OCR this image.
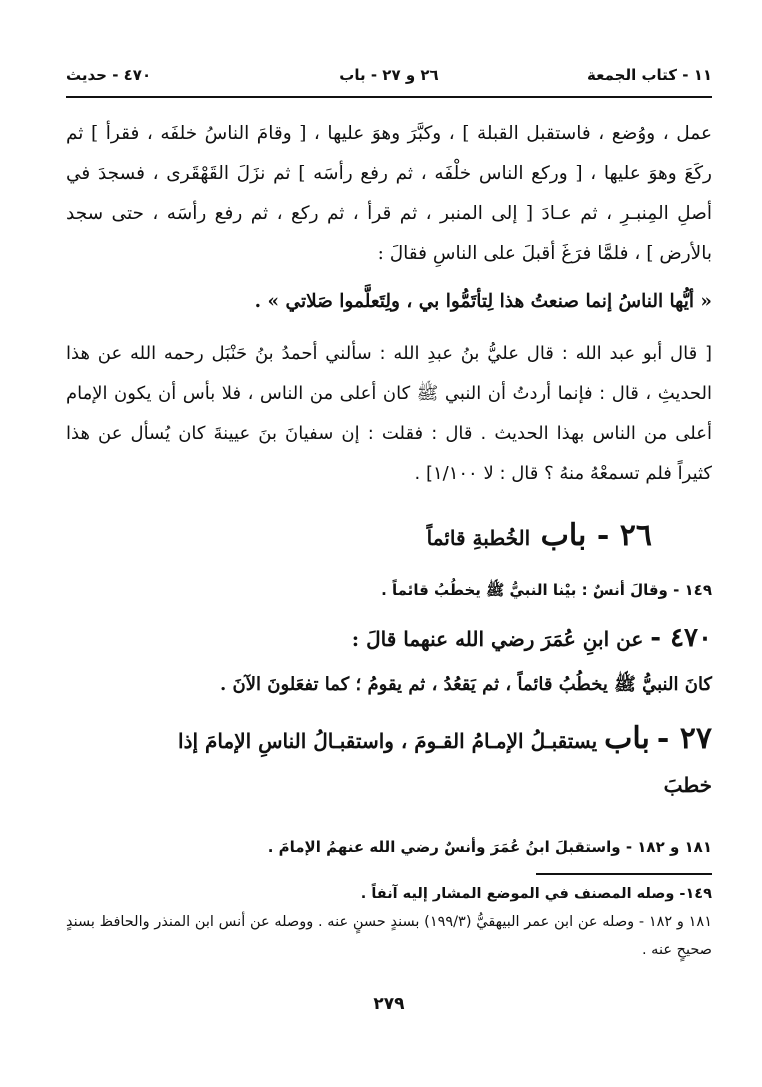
١١ - كتاب الجمعة
٢٦ و ٢٧ - باب
٤٧٠ - حديث

عمل ، ووُضع ، فاستقبل القبلة ] ، وكبَّرَ وهوَ عليها ، [ وقامَ الناسُ خلفَه ، فقرأ ] ثم ركَعَ وهوَ عليها ، [ وركع الناس خلْفَه ، ثم رفع رأسَه ] ثم نزَلَ القَهْقَرى ، فسجدَ في أصلِ المِنبـرِ ، ثم عـادَ [ إلى المنبر ، ثم قرأ ، ثم ركع ، ثم رفع رأسَه ، حتى سجد بالأرض ] ، فلمَّا فرَغَ أقبلَ على الناسِ فقالَ :

« أيُّها الناسُ إنما صنعتُ هذا لِتأتَمُّوا بي ، ولِتَعلَّموا صَلاتي » .

[ قال أبو عبد الله : قال عليُّ بنُ عبدِ الله : سألني أحمدُ بنُ حَنْبَل رحمه الله عن هذا الحديثِ ، قال : فإنما أردتُ أن النبي ﷺ كان أعلى من الناس ، فلا بأس أن يكون الإمام أعلى من الناس بهذا الحديث . قال : فقلت : إن سفيانَ بنَ عيينةَ كان يُسأل عن هذا كثيراً فلم تسمعْهُ منهُ ؟ قال : لا ١/١٠٠] .

٢٦ - باب الخُطبةِ قائماً

١٤٩ - وقالَ أنسٌ : بيْنا النبيُّ ﷺ يخطُبُ قائماً .

٤٧٠ - عن ابنِ عُمَرَ رضي الله عنهما قالَ :

كانَ النبيُّ ﷺ يخطُبُ قائماً ، ثم يَقعُدُ ، ثم يقومُ ؛ كما تفعَلونَ الآنَ .

٢٧ - باب يستقبـلُ الإمـامُ القـومَ ، واستقبـالُ الناسِ الإمامَ إذا

خطبَ

١٨١ و ١٨٢ - واستقبلَ ابنُ عُمَرَ وأنسٌ رضي الله عنهمُ الإمامَ .

١٤٩- وصله المصنف في الموضع المشار إليه آنفاً .

١٨١ و ١٨٢ - وصله عن ابن عمر البيهقيُّ (١٩٩/٣) بسندٍ حسنٍ عنه . ووصله عن أنس ابن المنذر والحافظ بسندٍ صحيحٍ عنه .

٢٧٩
